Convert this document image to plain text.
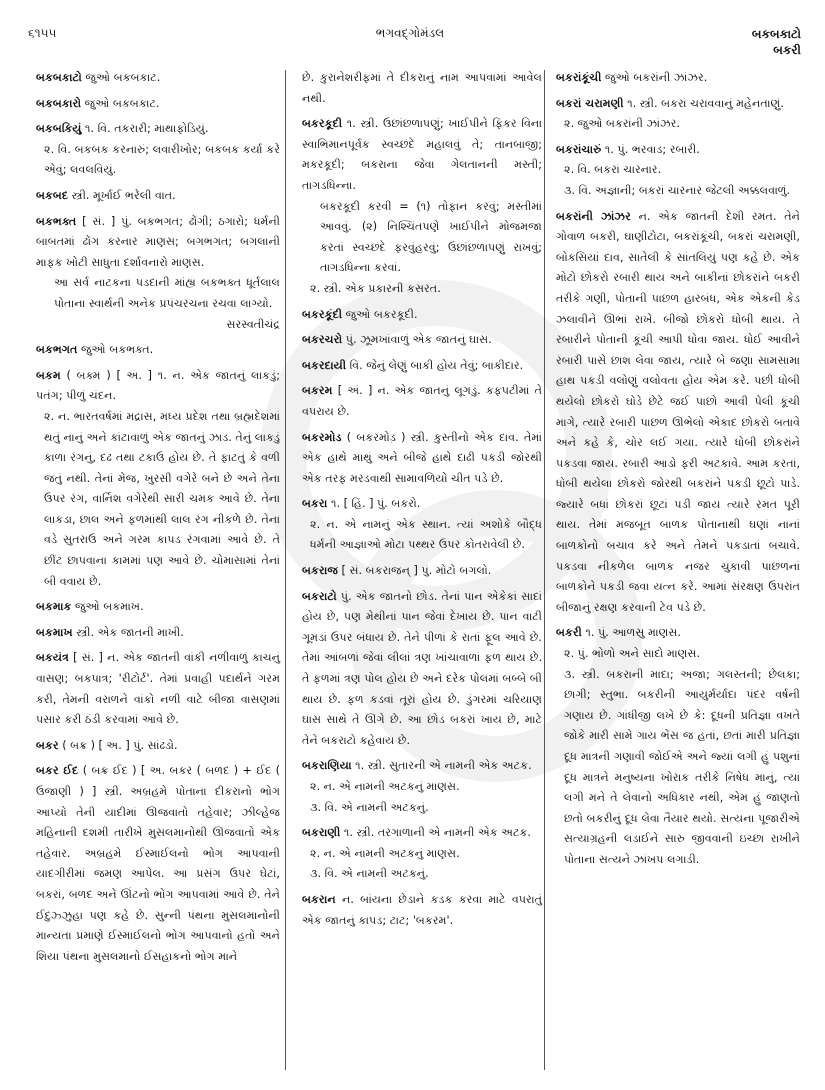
૬૧૫૫	ભગવદ્ગોમંડલ	બકબકાટો
બકરી

બકબકાટો જુઓ બકબકાટ.

બકબકારો જુઓ બકબકાટ.

બકબકિયું ૧. વિ. તકરારી; માથાફોડિયું.
૨. વિ. બકબક કરનારું; લવારીખોર; બકબક કર્યા કરે એવું; લવલવિયું.

બકબદ સ્ત્રી. મૂર્ખાઈ ભરેલી વાત.

બકભક્ત [ સં. ] પું. બકભગત; ઢોંગી; ઠગારો; ધર્મની બાબતમાં ઢોંગ કરનાર માણસ; બગભગત; બગલાની માફક ખોટી સાધુતા દર્શાવનારો માણસ.
આ સર્વ નાટકના પડદાની માંહ્ય બકભક્ત ધૂર્તલાલ પોતાના સ્વાર્થની અનેક પ્રપંચરચના રચવા લાગ્યો.
સરસ્વતીચંદ્ર

બકભગત જુઓ બકભક્ત.

બકમ ( બક્મ ) [ અ. ] ૧. ન. એક જાતનું લાકડું; પતંગ; પીળું ચંદન.
૨. ન. ભારતવર્ષમાં મદ્રાસ, મધ્ય પ્રદેશ તથા બ્રહ્મદેશમાં થતું નાનું અને કાંટાવાળું એક જાતનું ઝાડ. તેનું લાકડું કાળા રંગનું, દઢ તથા ટકાઉ હોય છે. તે ફાટતું કે વળી જતું નથી. તેનાં મેજ, ખુરસી વગેરે બને છે અને તેના ઉપર રંગ, વાર્નિશ વગેરેથી સારી ચમક આવે છે. તેના લાકડા, છાલ અને ફળમાંથી લાલ રંગ નીકળે છે. તેના વડે સુતરાઉ અને ગરમ કાપડ રંગવામાં આવે છે. તે છીંટ છાપવાના કામમાં પણ આવે છે. ચોમાસામાં તેનાં બી વવાય છે.

બકમાક જુઓ બકમાખ.

બકમાખ સ્ત્રી. એક જાતની માખી.

બકયંત્ર [ સં. ] ન. એક જાતની વાંકી નળીવાળું કાચનું વાસણ; બકપાત્ર; 'રીટોર્ટ'. તેમાં પ્રવાહી પદાર્થને ગરમ કરી, તેમની વરાળને વાંકો નળી વાટે બીજા વાસણમાં પસાર કરી ઠંડી કરવામાં આવે છે.

બકર ( બક્ર ) [ અ. ] પું. સાંઢડો.

બકર ઈદ ( બક્ર ઈદ ) [ અ. બકર ( બળદ ) + ઈદ ( ઉજાણી ) ] સ્ત્રી. અબ્રહમે પોતાના દીકરાનો ભોગ આપ્યો તેની યાદીમાં ઊજવાતો તહેવાર; ઝીલ્હેજ મહિનાની દશમી તારીખે મુસલમાનોથી ઊજવાતો એક તહેવાર. અબ્રહમે ઈસ્માઈલનો ભોગ આપવાની યાદગીરીમાં જમણ આપેલ. આ પ્રસંગ ઉપર ઘેટાં, બકરાં, બળદ અને ઊંટનો ભોગ આપવામાં આવે છે. તેને ઈદુઝ્ઝુહા પણ કહે છે. સુન્ની પંથના મુસલમાનોની માન્યતા પ્રમાણે ઈસ્માઈલનો ભોગ આપવાનો હતો અને શિયા પંથના મુસલમાનો ઈસહાકનો ભોગ માને

છે. કુરાનેશરીફમાં તે દીકરાનું નામ આપવામાં આવેલ નથી.

બકરકૂદી ૧. સ્ત્રી. ઉછાંછળાપણું; ખાઈપીને ફિકર વિના સ્વાભિમાનપૂર્વક સ્વચ્છંદે મહાલવું તે; તાનબાજી; મકરકૂદી; બકરાના જેવા ગેલતાનની મસ્તી; તાગડધિન્ના.
બકરકૂદી કરવી = (૧) તોફાન કરવું; મસ્તીમાં આવવું. (૨) નિશ્ચિંતપણે ખાઈપીને મોજમજા કરતાં સ્વચ્છંદે ફરવુંહરવું; ઉછાંછળાપણું રાખવું; તાગડધિન્ના કરવાં.
૨. સ્ત્રી. એક પ્રકારની કસરત.

બકરકૂંદી જુઓ બકરકૂદી.

બકરચરો પું. ઝૂમખાંવાળું એક જાતનું ઘાસ.

બકરદાયી વિ. જેનું લેણું બાકી હોય તેવું; બાકીદાર.

બકરમ [ અં. ] ન. એક જાતનું લૂગડું. કફપટીમાં તે વપરાય છે.

બકરમોડ ( બકરમોડ઼ ) સ્ત્રી. કુસ્તીનો એક દાવ. તેમાં એક હાથે માથું અને બીજે હાથે દાઢી પકડી જોરથી એક તરફ મરડવાથી સામાવળિયો ચીત પડે છે.

બકરા ૧. [ હિં. ] પું. બકરો.
૨. ન. એ નામનું એક સ્થાન. ત્યાં અશોકે બૌદ્ધ ધર્મની આજ્ઞાઓ મોટા પથ્થર ઉપર કોતરાવેલી છે.

બકરાજ [ સં. બકરાજન્ ] પું. મોટો બગલો.

બકરાટો પું. એક જાતનો છોડ. તેનાં પાન એકેકાં સાદાં હોય છે, પણ મેથીનાં પાન જેવાં દેખાય છે. પાન વાટી ગૂમડાં ઉપર બંધાય છે. તેને પીળાં કે રાતાં ફૂલ આવે છે. તેમાં આંબળાં જેવાં લીલાં ત્રણ ખાંચાવાળાં ફળ થાય છે. તે ફળમાં ત્રણ પોલ હોય છે અને દરેક પોલમાં બબ્બે બી થાય છે. ફળ કડવાં તૂરાં હોય છે. ડુંગરમાં ચરિયાણ ઘાસ સાથે તે ઊગે છે. આ છોડ બકરાં ખાય છે, માટે તેને બકરાટો કહેવાય છે.

બકરાણિયા ૧. સ્ત્રી. સુતારની એ નામની એક અટક.
૨. ન. એ નામની અટકનું માણસ.
૩. વિ. એ નામની અટકનું.

બકરાણી ૧. સ્ત્રી. તરગાળાની એ નામની એક અટક.
૨. ન. એ નામની અટકનું માણસ.
૩. વિ. એ નામની અટકનું.

બકરાન ન. બાંયના છેડાને કડક કરવા માટે વપરાતું એક જાતનું કાપડ; ટાટ; 'બકરમ'.

બકરાંકૂંચી જુઓ બકરાંની ઝાંઝર.

બકરાં ચરામણી ૧. સ્ત્રી. બકરાં ચરાવવાનું મહેનતાણું.
૨. જુઓ બકરાંની ઝાંઝર.

બકરાંચારું ૧. પું. ભરવાડ; રબારી.
૨. વિ. બકરાં ચારનાર.
૩. વિ. અજ્ઞાની; બકરાં ચારનાર જેટલી અક્કલવાળું.

બકરાંની ઝાંઝર ન. એક જાતની દેશી રમત. તેને ગોવાળ બકરી, ઘાણીટોટા, બકરાંકૂંચી, બકરાં ચરામણી, બોકસિયાં દાવ, સાતેલી કે સાંતલિયું પણ કહે છે. એક મોટો છોકરો રબારી થાય અને બાકીનાં છોકરાંને બકરી તરીકે ગણી, પોતાની પાછળ હારબંધ, એક એકની કેડ ઝલાવીને ઊભાં રાખે. બીજો છોકરો ધોબી થાય. તે રબારીને પોતાની કૂંચી આપી ધોવા જાય. ધોઈ આવીને રબારી પાસે છાશ લેવા જાય, ત્યારે બે જણા સામસામા હાથ પકડી વલોણું વલોવતા હોય એમ કરે. પછી ધોબી થયેલો છોકરો ઘોડે છેટે જઈ પાછો આવી પેલી કૂંચી માગે, ત્યારે રબારી પાછળ ઊભેલો એકાદ છોકરો બતાવે અને કહે કે, ચોર લઈ ગયા. ત્યારે ધોબી છોકરાંને પકડવા જાય. રબારી આડો ફરી અટકાવે. આમ કરતાં, ધોબી થયેલા છોકરો જોરથી બકરાંને પકડી છૂટો પાડે. જ્યારે બધાં છોકરાં છૂટાં પડી જાય ત્યારે રમત પૂરી થાય. તેમાં મજબૂત બાળક પોતાનાથી ઘણાં નાનાં બાળકોનો બચાવ કરે અને તેમને પકડાતાં બચાવે. પકડવા નીકળેલ બાળક નજર ચુકાવી પાછળનાં બાળકોને પકડી જવા યત્ન કરે. આમાં સંરક્ષણ ઉપરાંત બીજાનું રક્ષણ કરવાની ટેવ પડે છે.

બકરી ૧. પું. આળસુ માણસ.
૨. પું. ભોળો અને સાદો માણસ.
૩. સ્ત્રી. બકરાની માદા; અજા; ગલસ્તની; છેલકા; છાગી; સ્તુભા. બકરીની આયુર્મર્યાદા પંદર વર્ષની ગણાય છે. ગાંધીજી લખે છે કે: દૂધની પ્રતિજ્ઞા વખતે જોકે મારી સામે ગાય ભેંસ જ હતાં, છતાં મારી પ્રતિજ્ઞા દૂધ માત્રની ગણાવી જોઈએ અને જ્યાં લગી હું પશુનાં દૂધ માત્રને મનુષ્યના ખોરાક તરીકે નિષેધ માનું, ત્યાં લગી મને તે લેવાનો અધિકાર નથી, એમ હું જાણતો છતો બકરીનું દૂધ લેવા તૈયાર થયો. સત્યના પૂજારીએ સત્યાગ્રહની લડાઈને સારુ જીવવાની ઇચ્છા રાખીને પોતાના સત્યને ઝાંખપ લગાડી.
